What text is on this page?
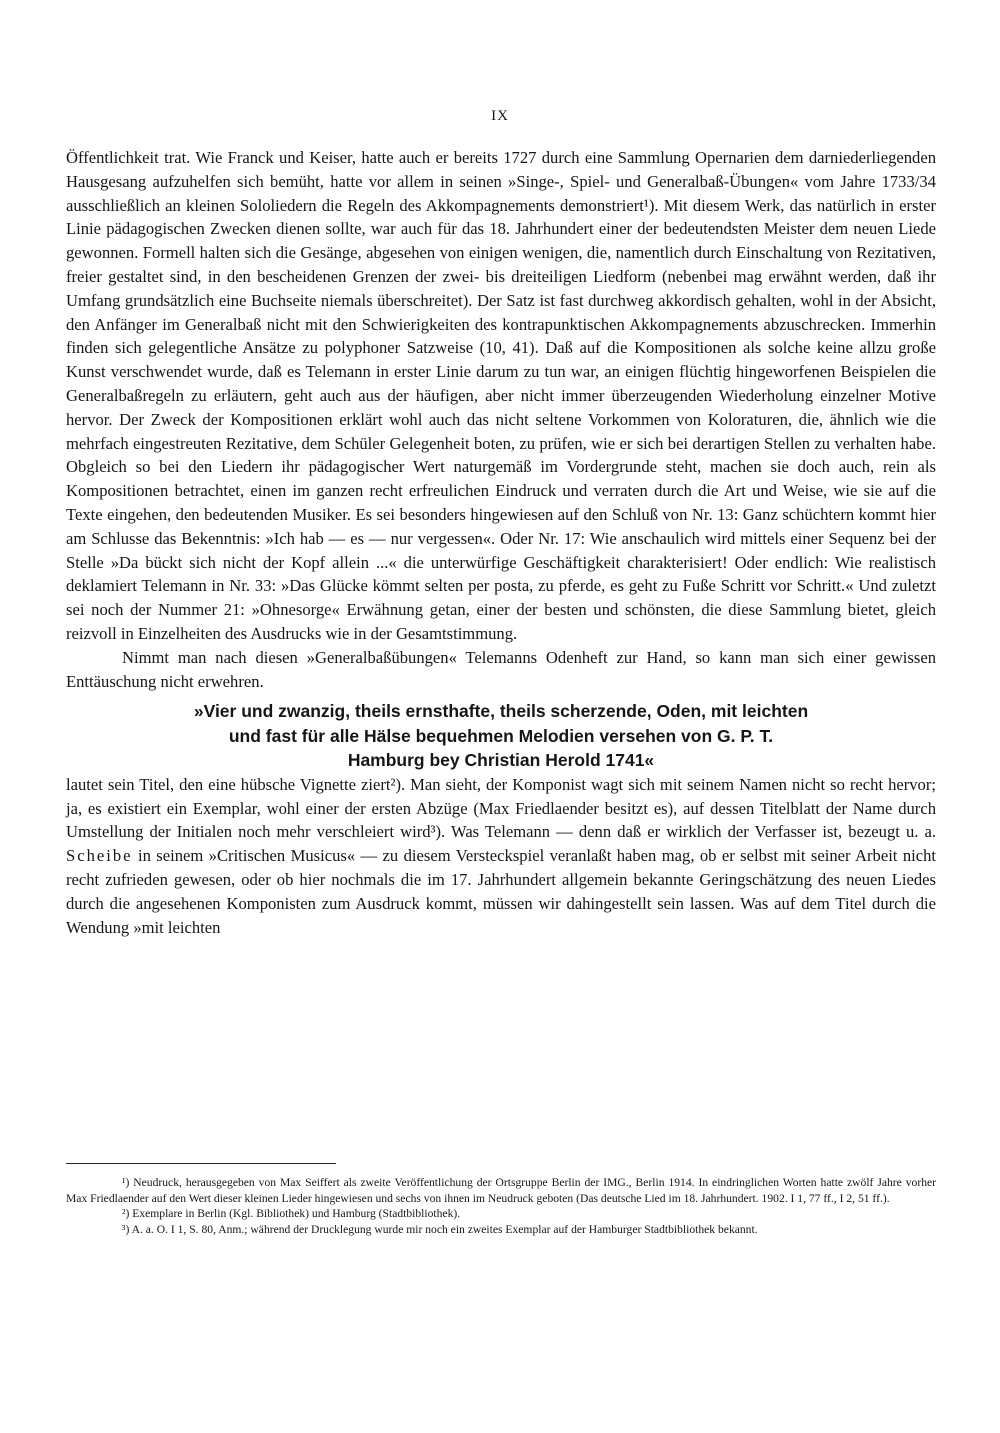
IX

Öffentlichkeit trat. Wie Franck und Keiser, hatte auch er bereits 1727 durch eine Sammlung Opernarien dem darniederliegenden Hausgesang aufzuhelfen sich bemüht, hatte vor allem in seinen »Singe-, Spiel- und Generalbaß-Übungen« vom Jahre 1733/34 ausschließlich an kleinen Sololiedern die Regeln des Akkompagnements demonstriert¹). Mit diesem Werk, das natürlich in erster Linie pädagogischen Zwecken dienen sollte, war auch für das 18. Jahrhundert einer der bedeutendsten Meister dem neuen Liede gewonnen. Formell halten sich die Gesänge, abgesehen von einigen wenigen, die, namentlich durch Einschaltung von Rezitativen, freier gestaltet sind, in den bescheidenen Grenzen der zwei- bis dreiteiligen Liedform (nebenbei mag erwähnt werden, daß ihr Umfang grundsätzlich eine Buchseite niemals überschreitet). Der Satz ist fast durchweg akkordisch gehalten, wohl in der Absicht, den Anfänger im Generalbaß nicht mit den Schwierigkeiten des kontrapunktischen Akkompagnements abzuschrecken. Immerhin finden sich gelegentliche Ansätze zu polyphoner Satzweise (10, 41). Daß auf die Kompositionen als solche keine allzu große Kunst verschwendet wurde, daß es Telemann in erster Linie darum zu tun war, an einigen flüchtig hingeworfenen Beispielen die Generalbaßregeln zu erläutern, geht auch aus der häufigen, aber nicht immer überzeugenden Wiederholung einzelner Motive hervor. Der Zweck der Kompositionen erklärt wohl auch das nicht seltene Vorkommen von Koloraturen, die, ähnlich wie die mehrfach eingestreuten Rezitative, dem Schüler Gelegenheit boten, zu prüfen, wie er sich bei derartigen Stellen zu verhalten habe. Obgleich so bei den Liedern ihr pädagogischer Wert naturgemäß im Vordergrunde steht, machen sie doch auch, rein als Kompositionen betrachtet, einen im ganzen recht erfreulichen Eindruck und verraten durch die Art und Weise, wie sie auf die Texte eingehen, den bedeutenden Musiker. Es sei besonders hingewiesen auf den Schluß von Nr. 13: Ganz schüchtern kommt hier am Schlusse das Bekenntnis: »Ich hab — es — nur vergessen«. Oder Nr. 17: Wie anschaulich wird mittels einer Sequenz bei der Stelle »Da bückt sich nicht der Kopf allein ...« die unterwürfige Geschäftigkeit charakterisiert! Oder endlich: Wie realistisch deklamiert Telemann in Nr. 33: »Das Glücke kömmt selten per posta, zu pferde, es geht zu Fuße Schritt vor Schritt.« Und zuletzt sei noch der Nummer 21: »Ohnesorge« Erwähnung getan, einer der besten und schönsten, die diese Sammlung bietet, gleich reizvoll in Einzelheiten des Ausdrucks wie in der Gesamtstimmung.

Nimmt man nach diesen »Generalbaßübungen« Telemanns Odenheft zur Hand, so kann man sich einer gewissen Enttäuschung nicht erwehren.

»Vier und zwanzig, theils ernsthafte, theils scherzende, Oden, mit leichten
und fast für alle Hälse bequehmen Melodien versehen von G. P. T.
Hamburg bey Christian Herold 1741«

lautet sein Titel, den eine hübsche Vignette ziert²). Man sieht, der Komponist wagt sich mit seinem Namen nicht so recht hervor; ja, es existiert ein Exemplar, wohl einer der ersten Abzüge (Max Friedlaender besitzt es), auf dessen Titelblatt der Name durch Umstellung der Initialen noch mehr verschleiert wird³). Was Telemann — denn daß er wirklich der Verfasser ist, bezeugt u. a. Scheibe in seinem »Critischen Musicus« — zu diesem Versteckspiel veranlaßt haben mag, ob er selbst mit seiner Arbeit nicht recht zufrieden gewesen, oder ob hier nochmals die im 17. Jahrhundert allgemein bekannte Geringschätzung des neuen Liedes durch die angesehenen Komponisten zum Ausdruck kommt, müssen wir dahingestellt sein lassen. Was auf dem Titel durch die Wendung »mit leichten

¹) Neudruck, herausgegeben von Max Seiffert als zweite Veröffentlichung der Ortsgruppe Berlin der IMG., Berlin 1914. In eindringlichen Worten hatte zwölf Jahre vorher Max Friedlaender auf den Wert dieser kleinen Lieder hingewiesen und sechs von ihnen im Neudruck geboten (Das deutsche Lied im 18. Jahrhundert. 1902. I 1, 77 ff., I 2, 51 ff.).

²) Exemplare in Berlin (Kgl. Bibliothek) und Hamburg (Stadtbibliothek).

³) A. a. O. I 1, S. 80, Anm.; während der Drucklegung wurde mir noch ein zweites Exemplar auf der Hamburger Stadtbibliothek bekannt.
